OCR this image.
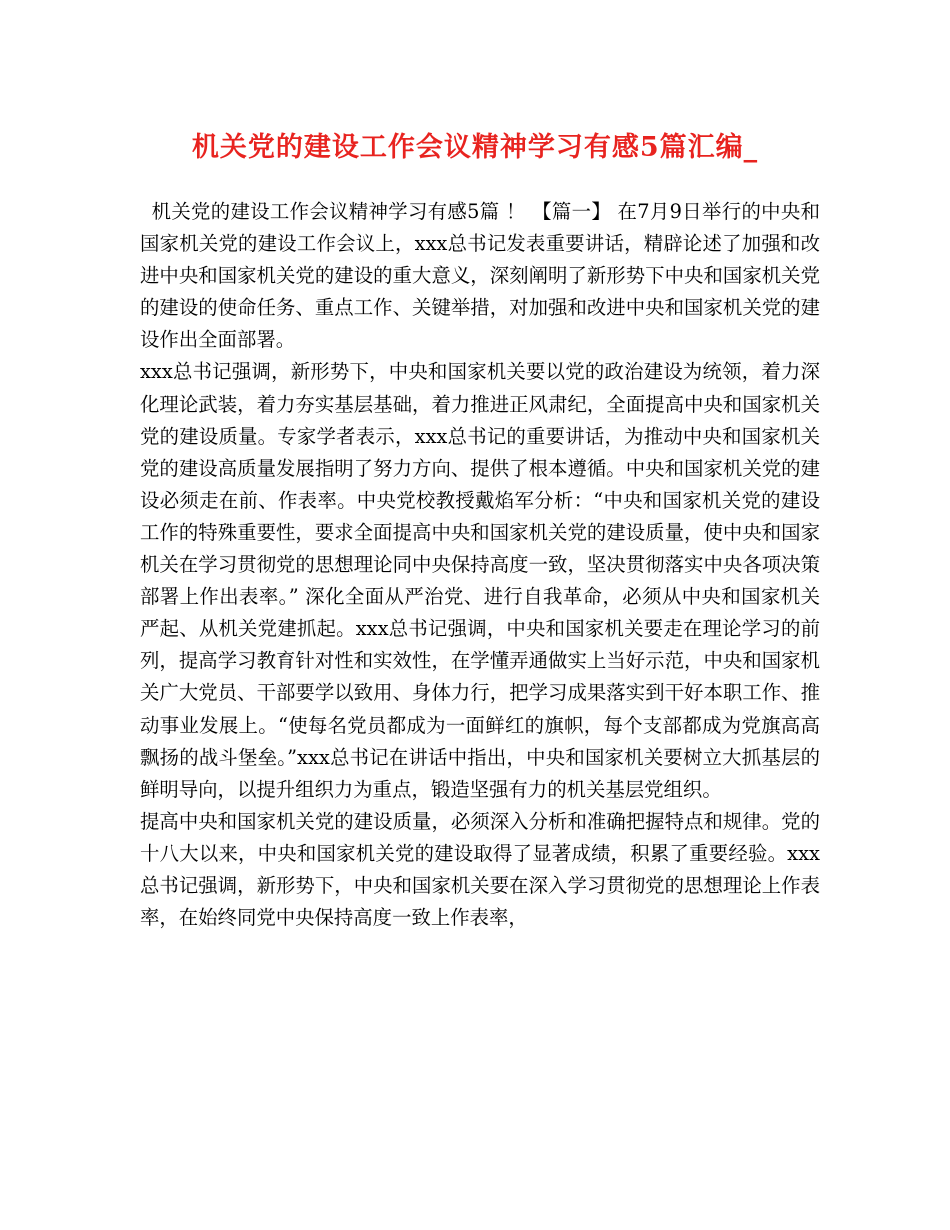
机关党的建设工作会议精神学习有感5篇汇编_

机关党的建设工作会议精神学习有感5篇 ！ 【篇一】 在7月9日举行的中央和国家机关党的建设工作会议上，xxx总书记发表重要讲话，精辟论述了加强和改进中央和国家机关党的建设的重大意义，深刻阐明了新形势下中央和国家机关党的建设的使命任务、重点工作、关键举措，对加强和改进中央和国家机关党的建设作出全面部署。

xxx总书记强调，新形势下，中央和国家机关要以党的政治建设为统领，着力深化理论武装，着力夯实基层基础，着力推进正风肃纪，全面提高中央和国家机关党的建设质量。专家学者表示，xxx总书记的重要讲话，为推动中央和国家机关党的建设高质量发展指明了努力方向、提供了根本遵循。中央和国家机关党的建设必须走在前、作表率。中央党校教授戴焰军分析：“中央和国家机关党的建设工作的特殊重要性，要求全面提高中央和国家机关党的建设质量，使中央和国家机关在学习贯彻党的思想理论同中央保持高度一致，坚决贯彻落实中央各项决策部署上作出表率。” 深化全面从严治党、进行自我革命，必须从中央和国家机关严起、从机关党建抓起。xxx总书记强调，中央和国家机关要走在理论学习的前列，提高学习教育针对性和实效性，在学懂弄通做实上当好示范，中央和国家机关广大党员、干部要学以致用、身体力行，把学习成果落实到干好本职工作、推动事业发展上。“使每名党员都成为一面鲜红的旗帜，每个支部都成为党旗高高飘扬的战斗堡垒。”xxx总书记在讲话中指出，中央和国家机关要树立大抓基层的鲜明导向，以提升组织力为重点，锻造坚强有力的机关基层党组织。

提高中央和国家机关党的建设质量，必须深入分析和准确把握特点和规律。党的十八大以来，中央和国家机关党的建设取得了显著成绩，积累了重要经验。xxx总书记强调，新形势下，中央和国家机关要在深入学习贯彻党的思想理论上作表率，在始终同党中央保持高度一致上作表率，
